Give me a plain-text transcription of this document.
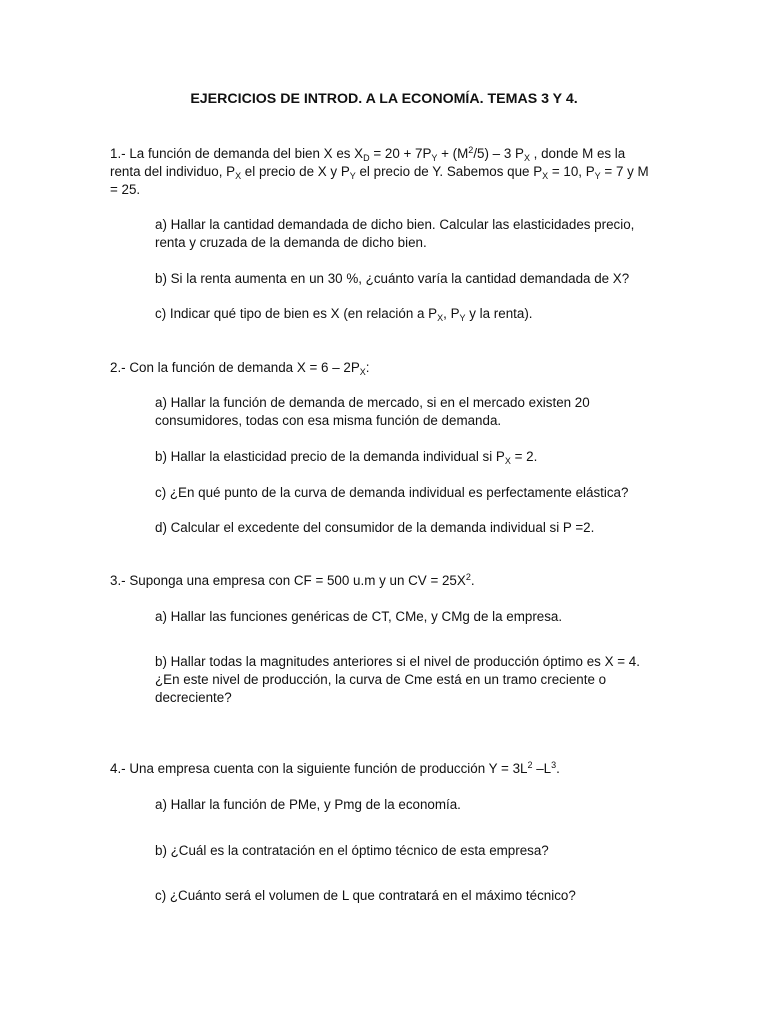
EJERCICIOS DE INTROD. A LA ECONOMÍA. TEMAS 3 Y 4.
1.- La función de demanda del bien X es $X_D = 20 + 7P_Y + (M^2/5) - 3$ $P_X$ , donde M es la renta del individuo, $P_X$ el precio de X y $P_Y$ el precio de Y. Sabemos que $P_X = 10$, $P_Y = 7$ y M = 25.
a) Hallar la cantidad demandada de dicho bien. Calcular las elasticidades precio, renta y cruzada de la demanda de dicho bien.
b) Si la renta aumenta en un 30 %, ¿cuánto varía la cantidad demandada de X?
c) Indicar qué tipo de bien es X (en relación a $P_X$, $P_Y$ y la renta).
2.- Con la función de demanda $X = 6 - 2P_X$:
a) Hallar la función de demanda de mercado, si en el mercado existen 20 consumidores, todas con esa misma función de demanda.
b) Hallar la elasticidad precio de la demanda individual si $P_X = 2$.
c) ¿En qué punto de la curva de demanda individual es perfectamente elástica?
d) Calcular el excedente del consumidor de la demanda individual si P =2.
3.- Suponga una empresa con CF = 500 u.m y un CV = $25X^2$.
a) Hallar las funciones genéricas de CT, CMe, y CMg de la empresa.
b) Hallar todas la magnitudes anteriores si el nivel de producción óptimo es X = 4. ¿En este nivel de producción, la curva de Cme está en un tramo creciente o decreciente?
4.- Una empresa cuenta con la siguiente función de producción $Y = 3L^2$ $-L^3$.
a) Hallar la función de PMe, y Pmg de la economía.
b) ¿Cuál es la contratación en el óptimo técnico de esta empresa?
c) ¿Cuánto será el volumen de L que contratará en el máximo técnico?
